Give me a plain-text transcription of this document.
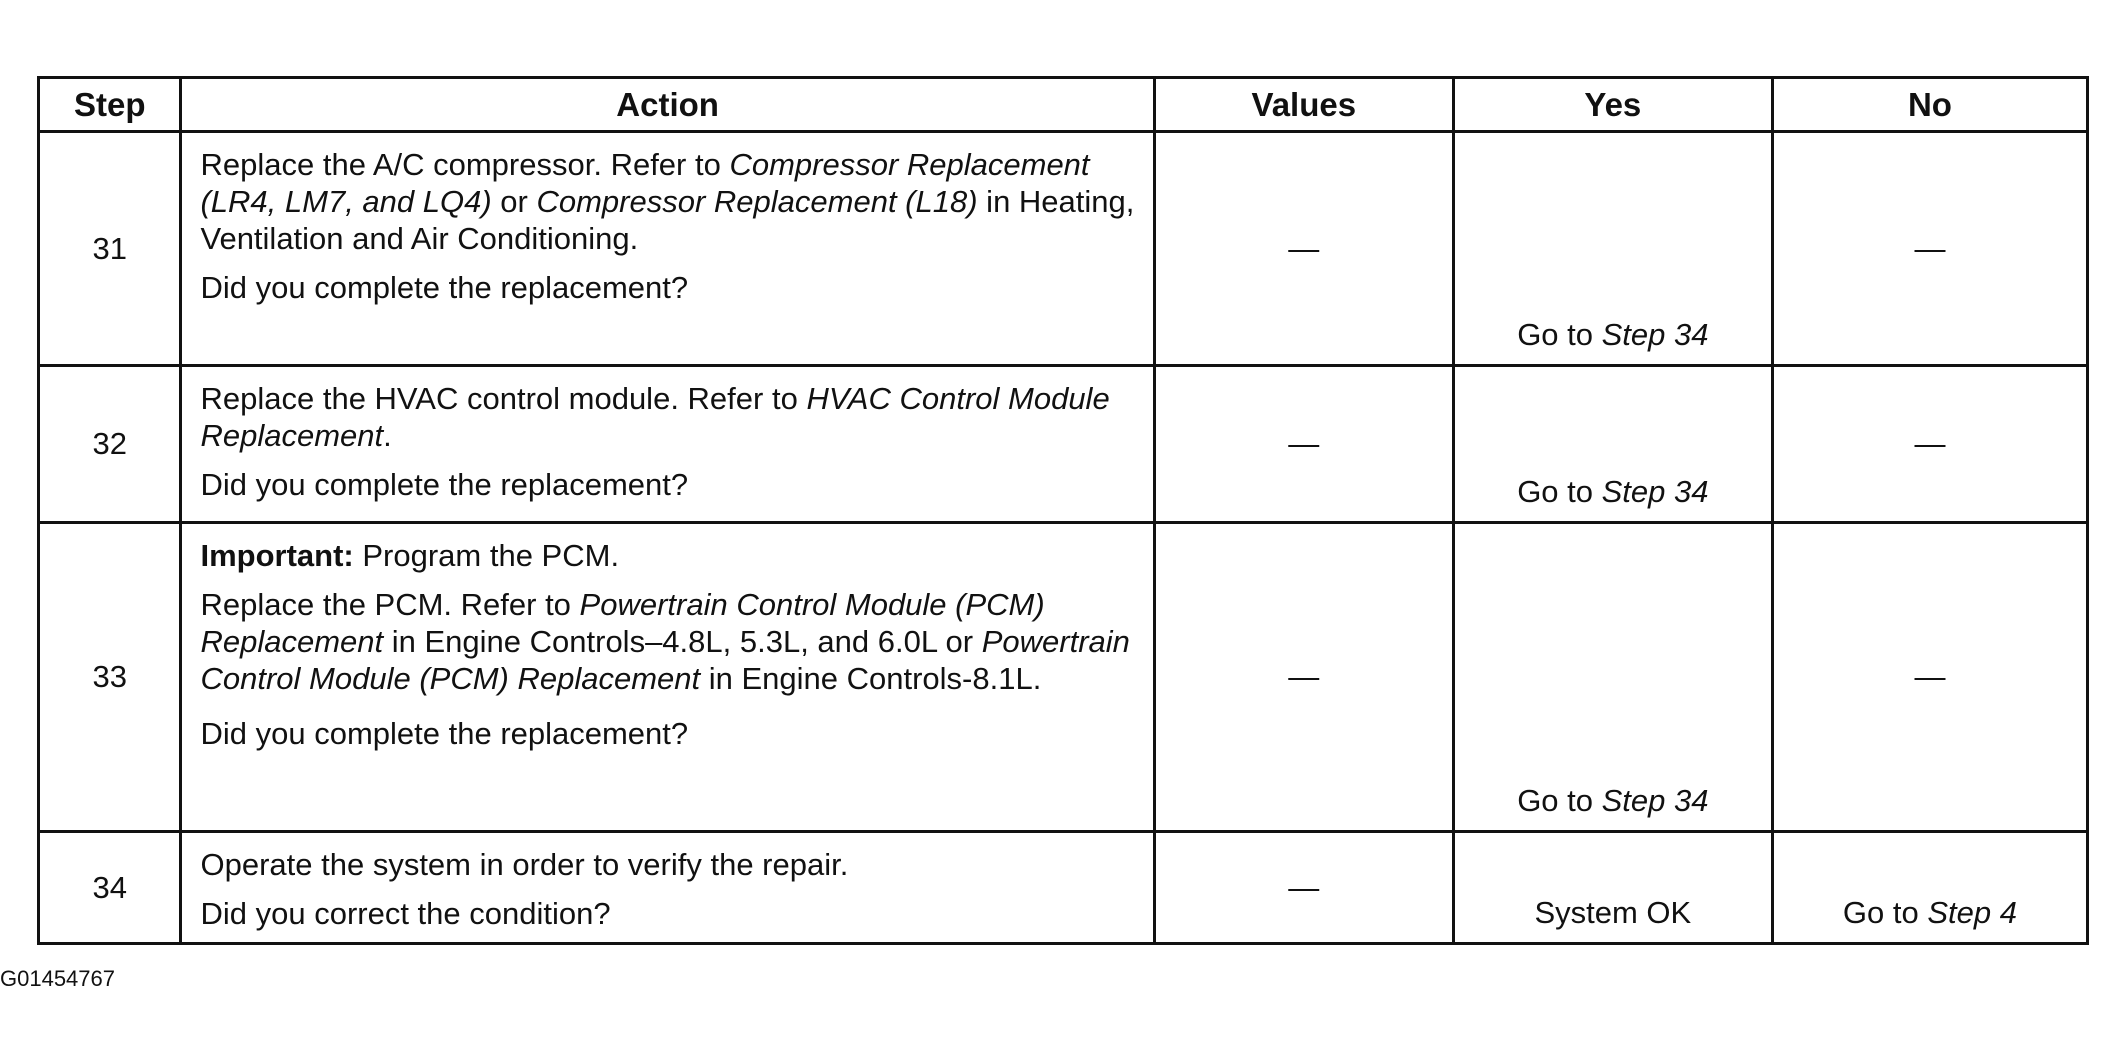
Step	Action	Values	Yes	No
31	Replace the A/C compressor. Refer to Compressor Replacement (LR4, LM7, and LQ4) or Compressor Replacement (L18) in Heating, Ventilation and Air Conditioning.

Did you complete the replacement?	—	Go to Step 34	—
32	Replace the HVAC control module. Refer to HVAC Control Module Replacement.

Did you complete the replacement?	—	Go to Step 34	—
33	Important: Program the PCM.

Replace the PCM. Refer to Powertrain Control Module (PCM) Replacement in Engine Controls–4.8L, 5.3L, and 6.0L or Powertrain Control Module (PCM) Replacement in Engine Controls-8.1L.

Did you complete the replacement?	—	Go to Step 34	—
34	Operate the system in order to verify the repair.

Did you correct the condition?	—	System OK	Go to Step 4
G01454767
